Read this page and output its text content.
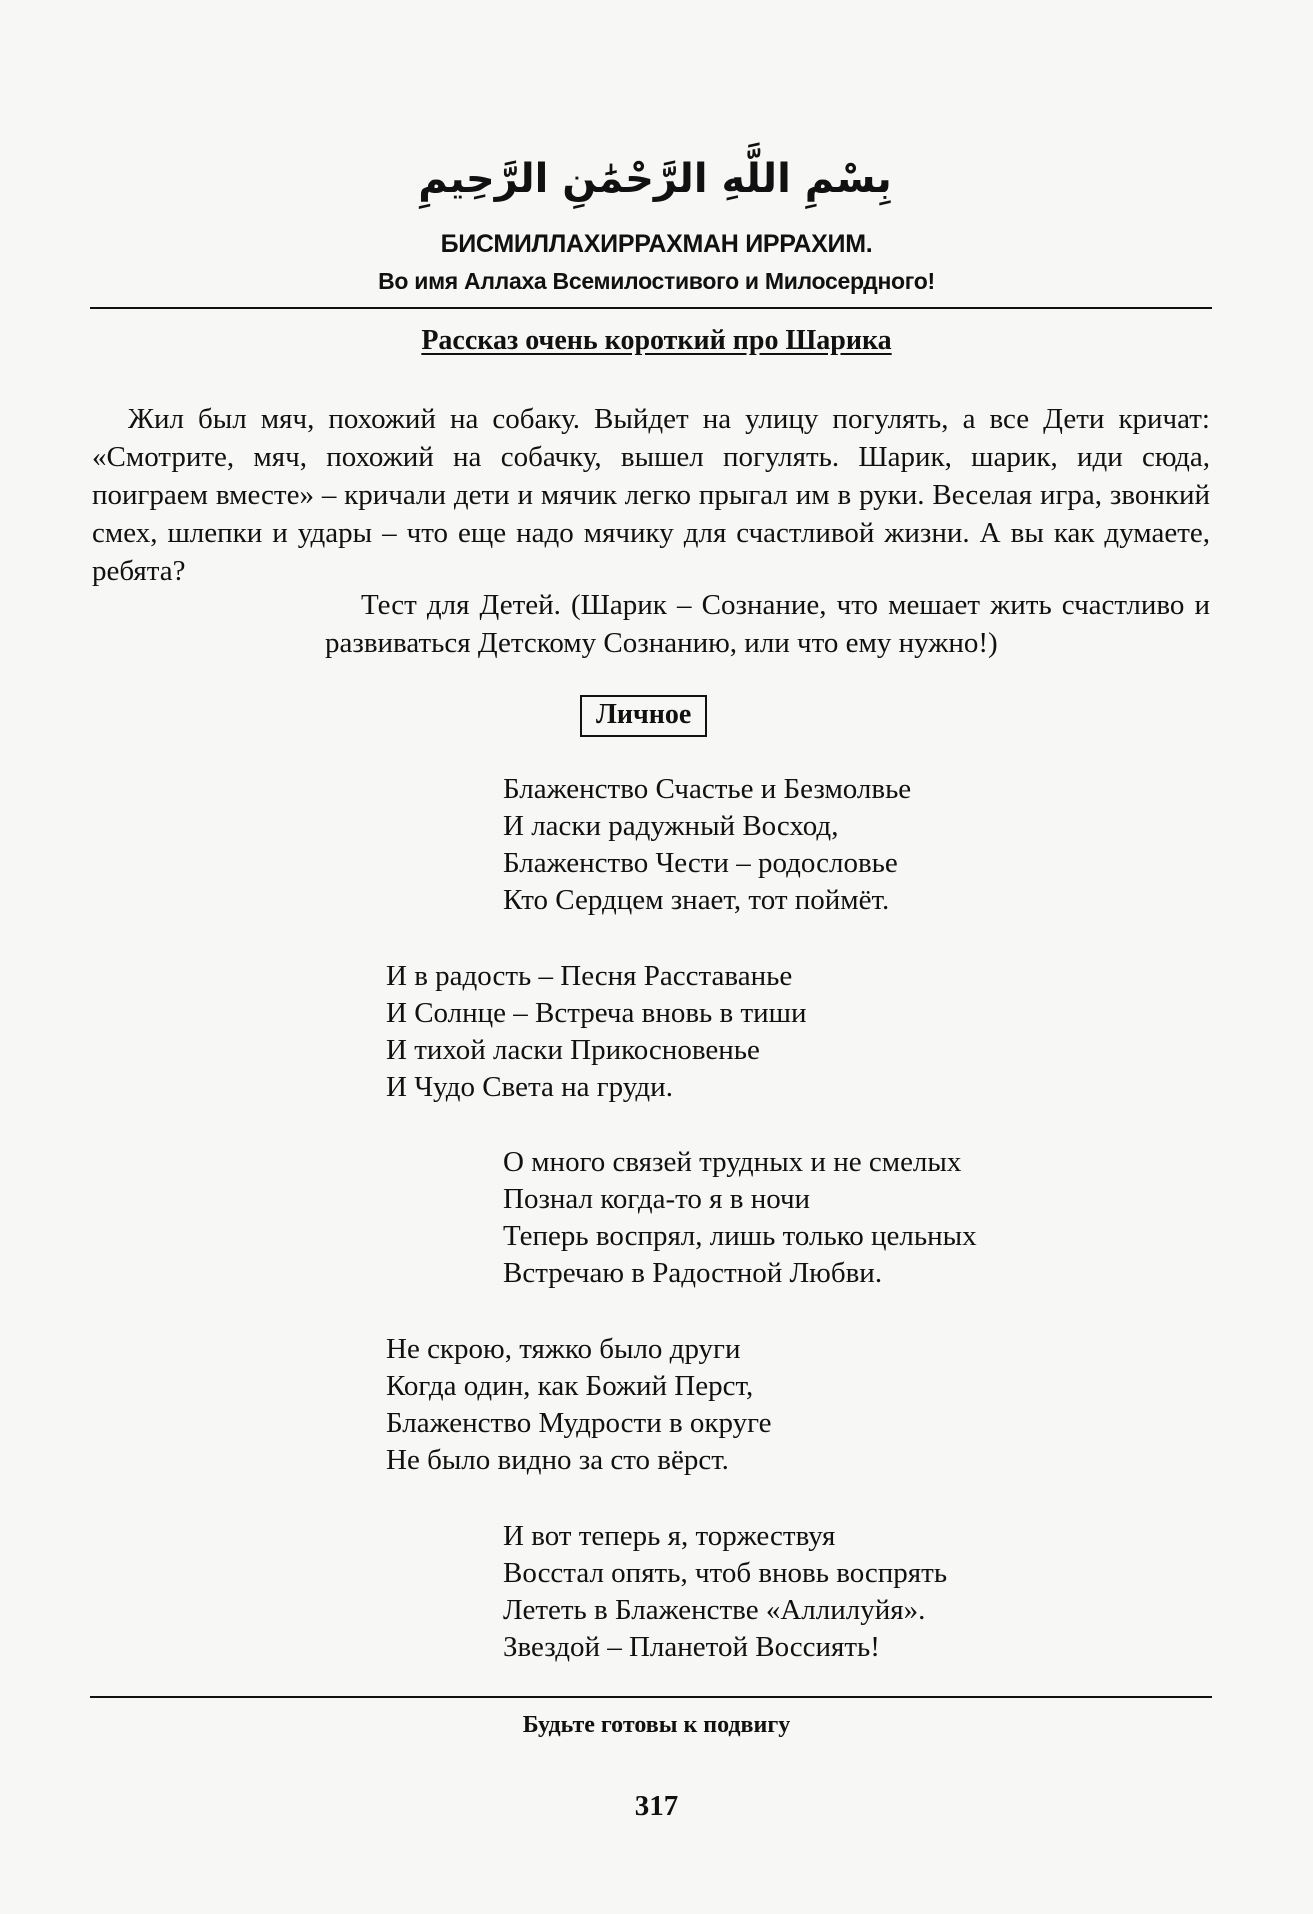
بِسْمِ اللَّهِ الرَّحْمَٰنِ الرَّحِيمِ
БИСМИЛЛАХИРРАХМАН ИРРАХИМ.
Во имя Аллаха Всемилостивого и Милосердного!
Рассказ очень короткий про Шарика
Жил был мяч, похожий на собаку. Выйдет на улицу погулять, а все Дети кричат: «Смотрите, мяч, похожий на собачку, вышел погулять. Шарик, шарик, иди сюда, поиграем вместе» – кричали дети и мячик легко прыгал им в руки. Веселая игра, звонкий смех, шлепки и удары – что еще надо мячику для счастливой жизни. А вы как думаете, ребята?
Тест для Детей. (Шарик – Сознание, что мешает жить счастливо и развиваться Детскому Сознанию, или что ему нужно!)
Личное
Блаженство Счастье и Безмолвье
И ласки радужный Восход,
Блаженство Чести – родословье
Кто Сердцем знает, тот поймёт.
И в радость – Песня Расставанье
И Солнце – Встреча вновь в тиши
И тихой ласки Прикосновенье
И Чудо Света на груди.
О много связей трудных и не смелых
Познал когда-то я в ночи
Теперь воспрял, лишь только цельных
Встречаю в Радостной Любви.
Не скрою, тяжко было други
Когда один, как Божий Перст,
Блаженство Мудрости в округе
Не было видно за сто вёрст.
И вот теперь я, торжествуя
Восстал опять, чтоб вновь воспрять
Лететь в Блаженстве «Аллилуйя».
Звездой – Планетой Воссиять!
Будьте готовы к подвигу
317
